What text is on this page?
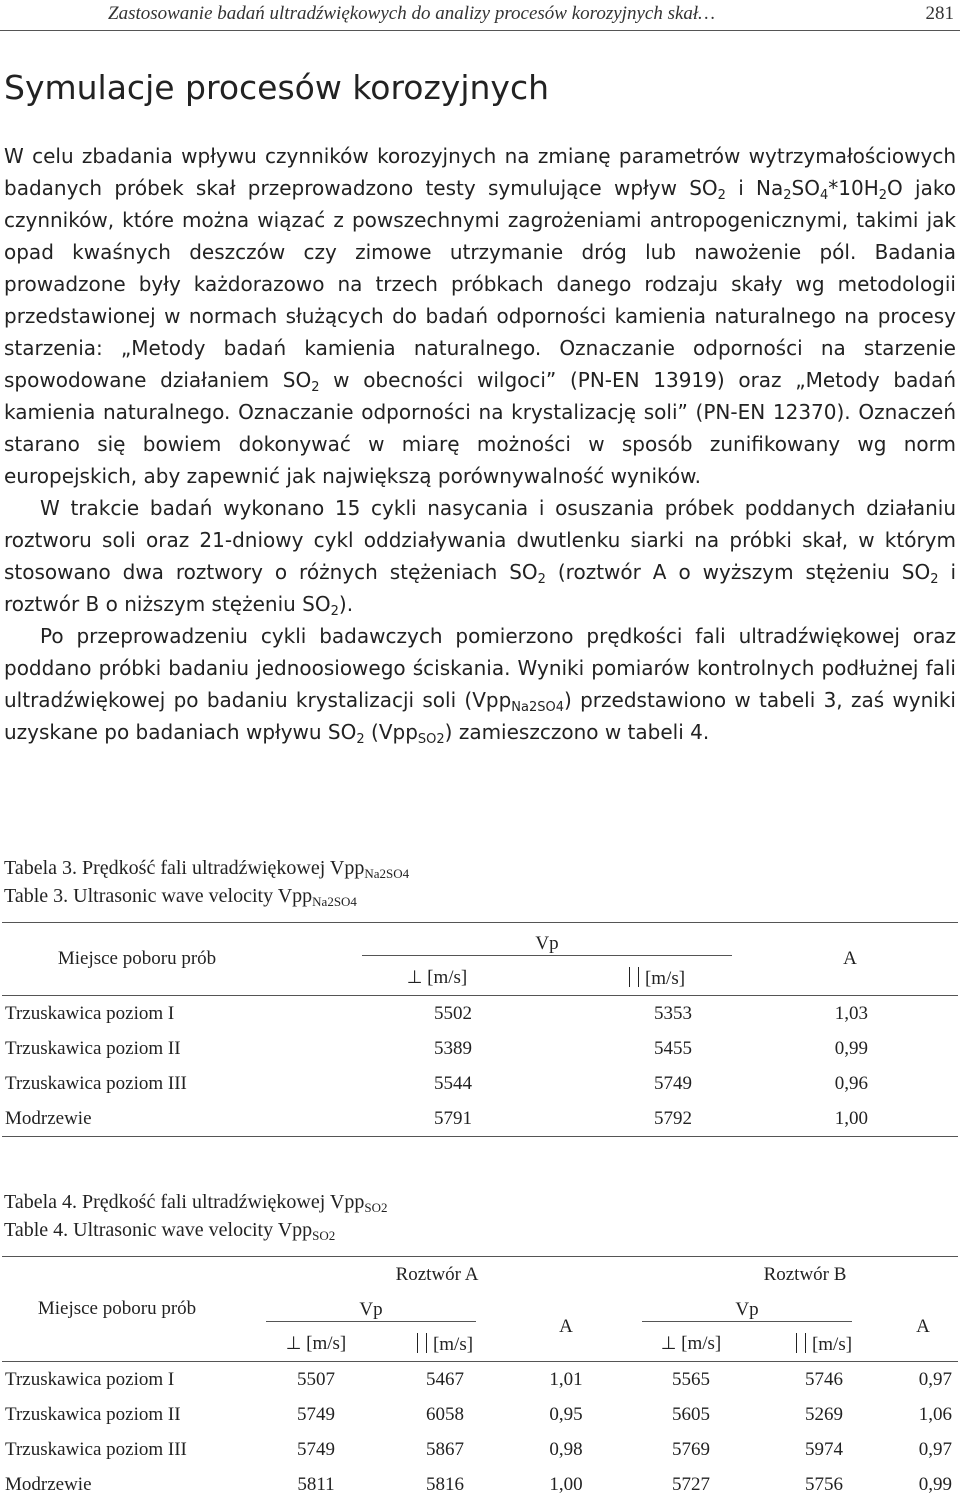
Zastosowanie badań ultradźwiękowych do analizy procesów korozyjnych skał…	281
Symulacje procesów korozyjnych

W celu zbadania wpływu czynników korozyjnych na zmianę parametrów wytrzymałościowych badanych próbek skał przeprowadzono testy symulujące wpływ $SO_2$ i $Na_2SO_4*10H_2O$ jako czynników, które można wiązać z powszechnymi zagrożeniami antropogenicznymi, takimi jak opad kwaśnych deszczów czy zimowe utrzymanie dróg lub nawożenie pól. Badania prowadzone były każdorazowo na trzech próbkach danego rodzaju skały wg metodologii przedstawionej w normach służących do badań odporności kamienia naturalnego na procesy starzenia: „Metody badań kamienia naturalnego. Oznaczanie odporności na starzenie spowodowane działaniem $SO_2$ w obecności wilgoci” (PN-EN 13919) oraz „Metody badań kamienia naturalnego. Oznaczanie odporności na krystalizację soli” (PN-EN 12370). Oznaczeń starano się bowiem dokonywać w miarę możności w sposób zunifikowany wg norm europejskich, aby zapewnić jak największą porównywalność wyników.

W trakcie badań wykonano 15 cykli nasycania i osuszania próbek poddanych działaniu roztworu soli oraz 21-dniowy cykl oddziaływania dwutlenku siarki na próbki skał, w którym stosowano dwa roztwory o różnych stężeniach $SO_2$ (roztwór A o wyższym stężeniu $SO_2$ i roztwór B o niższym stężeniu $SO_2$).

Po przeprowadzeniu cykli badawczych pomierzono prędkości fali ultradźwiękowej oraz poddano próbki badaniu jednoosiowego ściskania. Wyniki pomiarów kontrolnych podłużnej fali ultradźwiękowej po badaniu krystalizacji soli (Vpp$_{Na2SO4}$) przedstawiono w tabeli 3, zaś wyniki uzyskane po badaniach wpływu $SO_2$ (Vpp$_{SO2}$) zamieszczono w tabeli 4.

Tabela 3. Prędkość fali ultradźwiękowej Vpp$_{Na2SO4}$
Table 3. Ultrasonic wave velocity Vpp$_{Na2SO4}$
Miejsce poboru prób	Vp		A
	⊥ [m/s]	[m/s]	
Trzuskawica poziom I	5502	5353	1,03
Trzuskawica poziom II	5389	5455	0,99
Trzuskawica poziom III	5544	5749	0,96
Modrzewie	5791	5792	1,00
Tabela 4. Prędkość fali ultradźwiękowej Vpp$_{SO2}$
Table 4. Ultrasonic wave velocity Vpp$_{SO2}$
Miejsce poboru prób	Roztwór A			Roztwór B		

	Vp		A	Vp		A
	⊥ [m/s]	[m/s]		⊥ [m/s]	[m/s]	
Trzuskawica poziom I	5507	5467	1,01	5565	5746	0,97
Trzuskawica poziom II	5749	6058	0,95	5605	5269	1,06
Trzuskawica poziom III	5749	5867	0,98	5769	5974	0,97
Modrzewie	5811	5816	1,00	5727	5756	0,99
